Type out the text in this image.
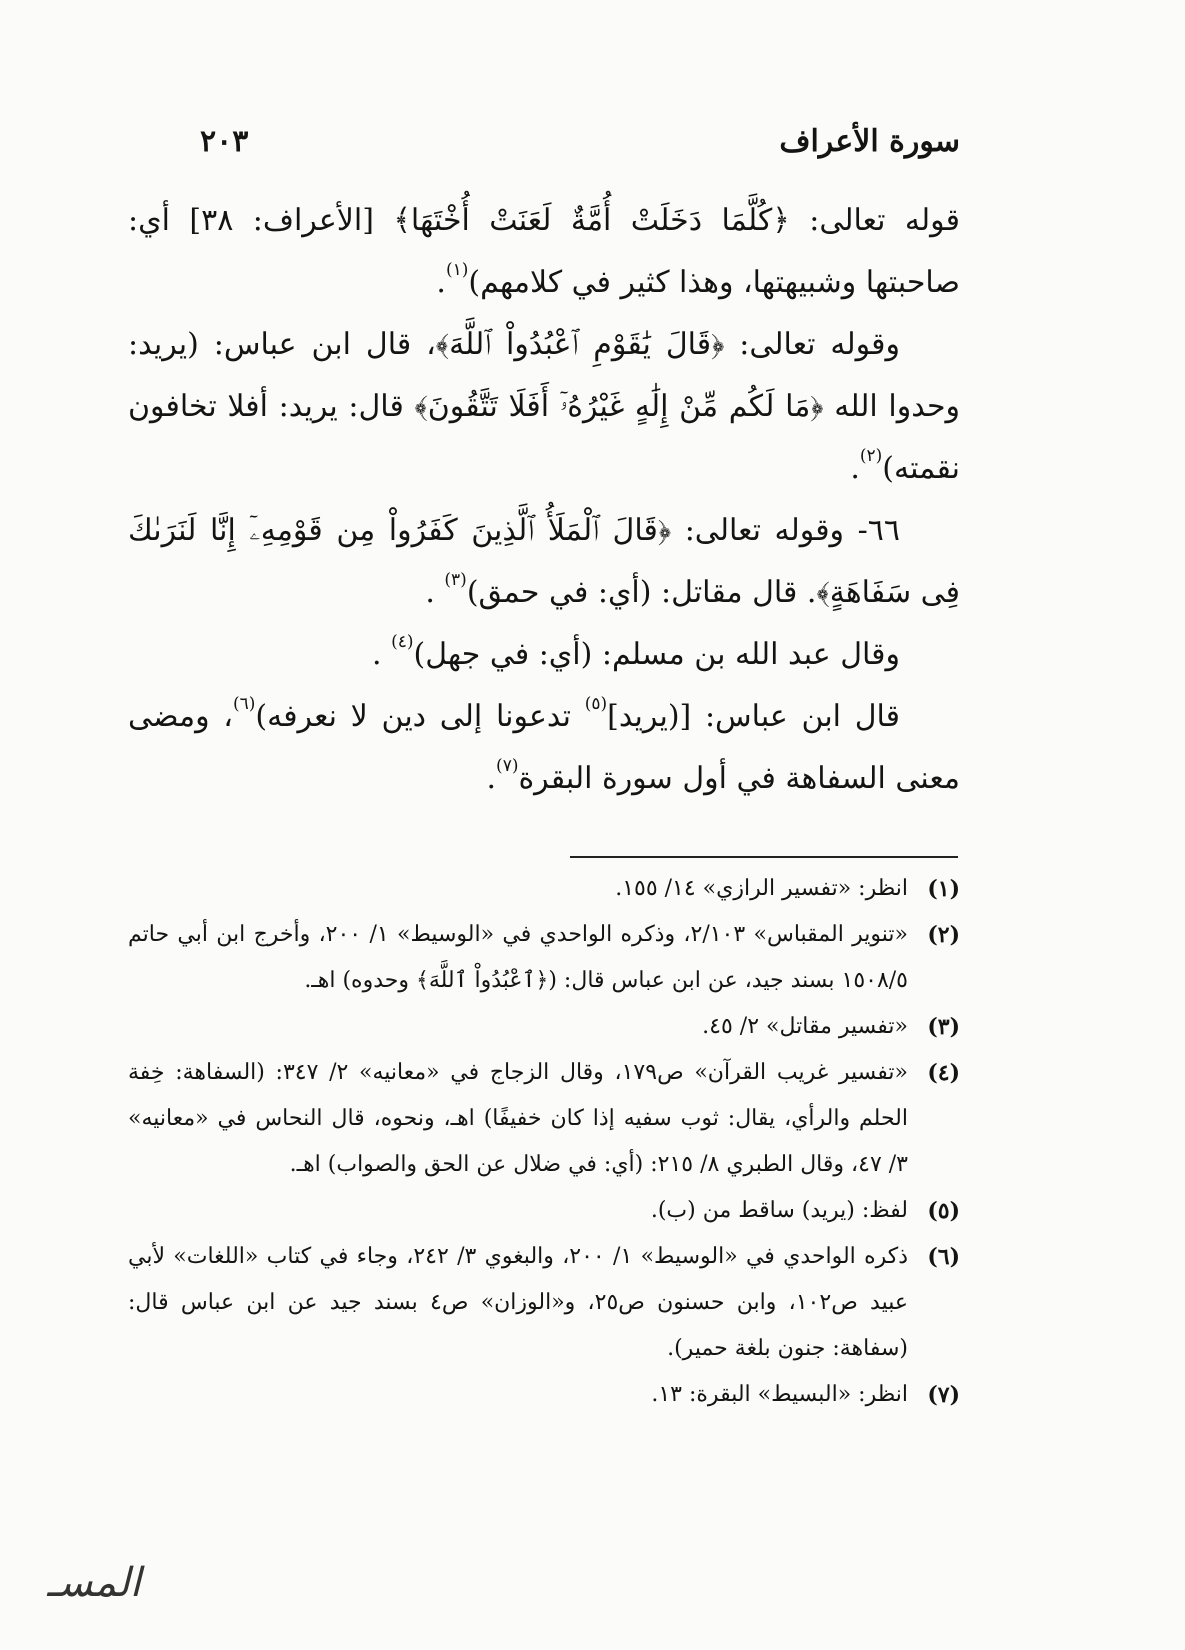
سورة الأعراف
٢٠٣

قوله تعالى: ﴿كُلَّمَا دَخَلَتْ أُمَّةٌ لَعَنَتْ أُخْتَهَا﴾ [الأعراف: ٣٨] أي: صاحبتها وشبيهتها، وهذا كثير في كلامهم)$^{(١)}$.

وقوله تعالى: ﴿قَالَ يَٰقَوْمِ ٱعْبُدُواْ ٱللَّهَ﴾، قال ابن عباس: (يريد: وحدوا الله ﴿مَا لَكُم مِّنْ إِلَٰهٍ غَيْرُهُۥٓ أَفَلَا تَتَّقُونَ﴾ قال: يريد: أفلا تخافون نقمته)$^{(٢)}$.

٦٦- وقوله تعالى: ﴿قَالَ ٱلْمَلَأُ ٱلَّذِينَ كَفَرُواْ مِن قَوْمِهِۦٓ إِنَّا لَنَرَىٰكَ فِى سَفَاهَةٍ﴾. قال مقاتل: (أي: في حمق)$^{(٣)}$ .

وقال عبد الله بن مسلم: (أي: في جهل)$^{(٤)}$ .

قال ابن عباس: [(يريد]$^{(٥)}$ تدعونا إلى دين لا نعرفه)$^{(٦)}$، ومضى معنى السفاهة في أول سورة البقرة$^{(٧)}$.

(١)
انظر: «تفسير الرازي» ١٤/ ١٥٥.
(٢)
«تنوير المقباس» ٢/١٠٣، وذكره الواحدي في «الوسيط» ١/ ٢٠٠، وأخرج ابن أبي حاتم ١٥٠٨/٥ بسند جيد، عن ابن عباس قال: (﴿ٱعْبُدُواْ ٱللَّهَ﴾ وحدوه) اهـ.
(٣)
«تفسير مقاتل» ٢/ ٤٥.
(٤)
«تفسير غريب القرآن» ص١٧٩، وقال الزجاج في «معانيه» ٢/ ٣٤٧: (السفاهة: خِفة الحلم والرأي، يقال: ثوب سفيه إذا كان خفيفًا) اهـ، ونحوه، قال النحاس في «معانيه» ٣/ ٤٧، وقال الطبري ٨/ ٢١٥: (أي: في ضلال عن الحق والصواب) اهـ.
(٥)
لفظ: (يريد) ساقط من (ب).
(٦)
ذكره الواحدي في «الوسيط» ١/ ٢٠٠، والبغوي ٣/ ٢٤٢، وجاء في كتاب «اللغات» لأبي عبيد ص١٠٢، وابن حسنون ص٢٥، و«الوزان» ص٤ بسند جيد عن ابن عباس قال: (سفاهة: جنون بلغة حمير).
(٧)
انظر: «البسيط» البقرة: ١٣.
المسـ
